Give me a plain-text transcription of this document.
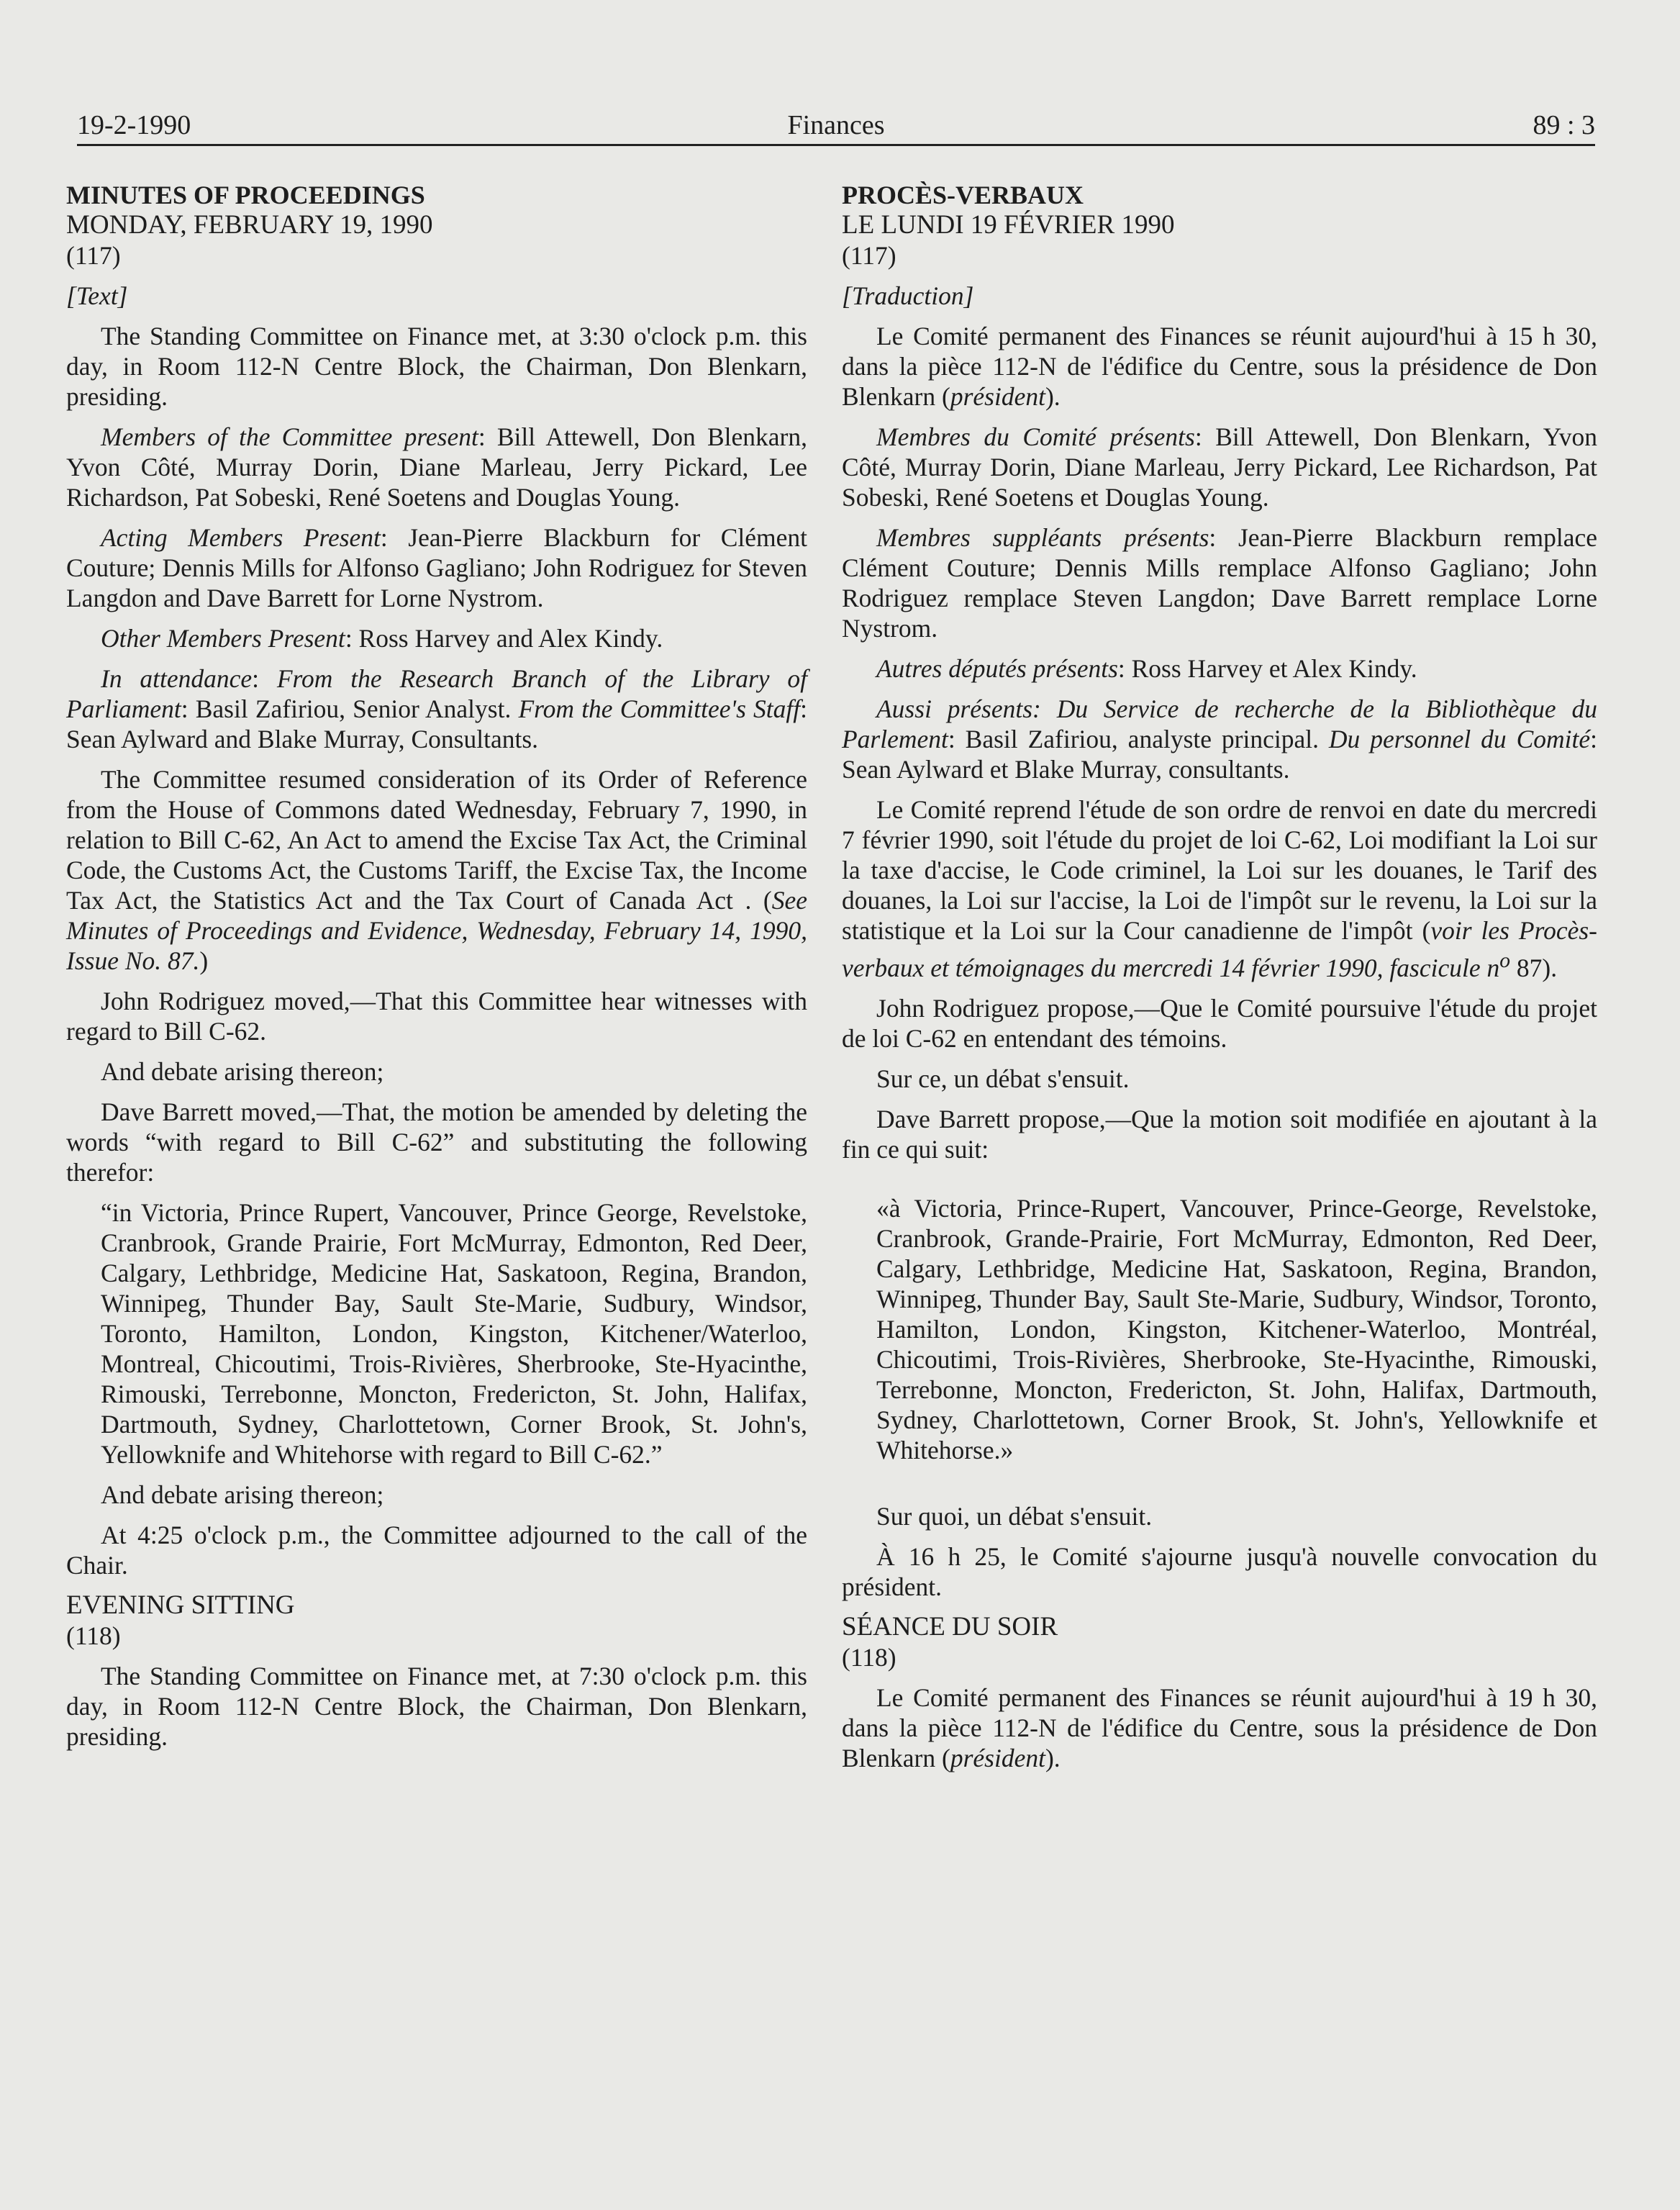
19-2-1990	Finances	89 : 3

MINUTES OF PROCEEDINGS

MONDAY, FEBRUARY 19, 1990

(117)

[Text]

The Standing Committee on Finance met, at 3:30 o'clock p.m. this day, in Room 112-N Centre Block, the Chairman, Don Blenkarn, presiding.

Members of the Committee present: Bill Attewell, Don Blenkarn, Yvon Côté, Murray Dorin, Diane Marleau, Jerry Pickard, Lee Richardson, Pat Sobeski, René Soetens and Douglas Young.

Acting Members Present: Jean-Pierre Blackburn for Clément Couture; Dennis Mills for Alfonso Gagliano; John Rodriguez for Steven Langdon and Dave Barrett for Lorne Nystrom.

Other Members Present: Ross Harvey and Alex Kindy.

In attendance: From the Research Branch of the Library of Parliament: Basil Zafiriou, Senior Analyst. From the Committee's Staff: Sean Aylward and Blake Murray, Consultants.

The Committee resumed consideration of its Order of Reference from the House of Commons dated Wednesday, February 7, 1990, in relation to Bill C-62, An Act to amend the Excise Tax Act, the Criminal Code, the Customs Act, the Customs Tariff, the Excise Tax, the Income Tax Act, the Statistics Act and the Tax Court of Canada Act . (See Minutes of Proceedings and Evidence, Wednesday, February 14, 1990, Issue No. 87.)

John Rodriguez moved,—That this Committee hear witnesses with regard to Bill C-62.

And debate arising thereon;

Dave Barrett moved,—That, the motion be amended by deleting the words “with regard to Bill C-62” and substituting the following therefor:

“in Victoria, Prince Rupert, Vancouver, Prince George, Revelstoke, Cranbrook, Grande Prairie, Fort McMurray, Edmonton, Red Deer, Calgary, Lethbridge, Medicine Hat, Saskatoon, Regina, Brandon, Winnipeg, Thunder Bay, Sault Ste-Marie, Sudbury, Windsor, Toronto, Hamilton, London, Kingston, Kitchener/Waterloo, Montreal, Chicoutimi, Trois-Rivières, Sherbrooke, Ste-Hyacinthe, Rimouski, Terrebonne, Moncton, Fredericton, St. John, Halifax, Dartmouth, Sydney, Charlottetown, Corner Brook, St. John's, Yellowknife and Whitehorse with regard to Bill C-62.”

And debate arising thereon;

At 4:25 o'clock p.m., the Committee adjourned to the call of the Chair.

EVENING SITTING

(118)

The Standing Committee on Finance met, at 7:30 o'clock p.m. this day, in Room 112-N Centre Block, the Chairman, Don Blenkarn, presiding.

PROCÈS-VERBAUX

LE LUNDI 19 FÉVRIER 1990

(117)

[Traduction]

Le Comité permanent des Finances se réunit aujourd'hui à 15 h 30, dans la pièce 112-N de l'édifice du Centre, sous la présidence de Don Blenkarn (président).

Membres du Comité présents: Bill Attewell, Don Blenkarn, Yvon Côté, Murray Dorin, Diane Marleau, Jerry Pickard, Lee Richardson, Pat Sobeski, René Soetens et Douglas Young.

Membres suppléants présents: Jean-Pierre Blackburn remplace Clément Couture; Dennis Mills remplace Alfonso Gagliano; John Rodriguez remplace Steven Langdon; Dave Barrett remplace Lorne Nystrom.

Autres députés présents: Ross Harvey et Alex Kindy.

Aussi présents: Du Service de recherche de la Bibliothèque du Parlement: Basil Zafiriou, analyste principal. Du personnel du Comité: Sean Aylward et Blake Murray, consultants.

Le Comité reprend l'étude de son ordre de renvoi en date du mercredi 7 février 1990, soit l'étude du projet de loi C-62, Loi modifiant la Loi sur la taxe d'accise, le Code criminel, la Loi sur les douanes, le Tarif des douanes, la Loi sur l'accise, la Loi de l'impôt sur le revenu, la Loi sur la statistique et la Loi sur la Cour canadienne de l'impôt (voir les Procès-verbaux et témoignages du mercredi 14 février 1990, fascicule $n^o$ 87).

John Rodriguez propose,—Que le Comité poursuive l'étude du projet de loi C-62 en entendant des témoins.

Sur ce, un débat s'ensuit.

Dave Barrett propose,—Que la motion soit modifiée en ajoutant à la fin ce qui suit:

«à Victoria, Prince-Rupert, Vancouver, Prince-George, Revelstoke, Cranbrook, Grande-Prairie, Fort McMurray, Edmonton, Red Deer, Calgary, Lethbridge, Medicine Hat, Saskatoon, Regina, Brandon, Winnipeg, Thunder Bay, Sault Ste-Marie, Sudbury, Windsor, Toronto, Hamilton, London, Kingston, Kitchener-Waterloo, Montréal, Chicoutimi, Trois-Rivières, Sherbrooke, Ste-Hyacinthe, Rimouski, Terrebonne, Moncton, Fredericton, St. John, Halifax, Dartmouth, Sydney, Charlottetown, Corner Brook, St. John's, Yellowknife et Whitehorse.»

Sur quoi, un débat s'ensuit.

À 16 h 25, le Comité s'ajourne jusqu'à nouvelle convocation du président.

SÉANCE DU SOIR

(118)

Le Comité permanent des Finances se réunit aujourd'hui à 19 h 30, dans la pièce 112-N de l'édifice du Centre, sous la présidence de Don Blenkarn (président).
